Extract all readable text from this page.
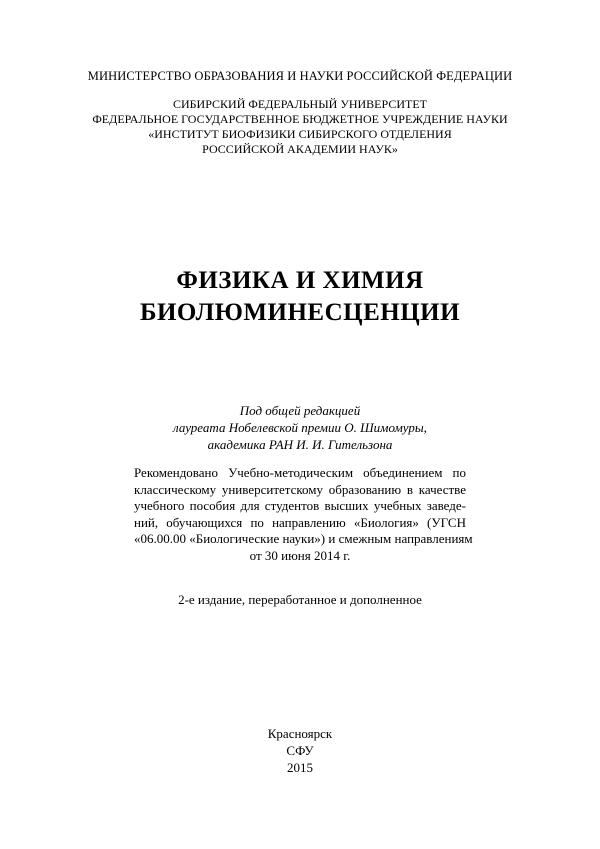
МИНИСТЕРСТВО ОБРАЗОВАНИЯ И НАУКИ РОССИЙСКОЙ ФЕДЕРАЦИИ
СИБИРСКИЙ ФЕДЕРАЛЬНЫЙ УНИВЕРСИТЕТ
ФЕДЕРАЛЬНОЕ ГОСУДАРСТВЕННОЕ БЮДЖЕТНОЕ УЧРЕЖДЕНИЕ НАУКИ
«ИНСТИТУТ БИОФИЗИКИ СИБИРСКОГО ОТДЕЛЕНИЯ
РОССИЙСКОЙ АКАДЕМИИ НАУК»
ФИЗИКА И ХИМИЯ
БИОЛЮМИНЕСЦЕНЦИИ
Под общей редакцией
лауреата Нобелевской премии О. Шимомуры,
академика РАН И. И. Гительзона
Рекомендовано Учебно-методическим объединением по
классическому университетскому образованию в качестве
учебного пособия для студентов высших учебных заведе-
ний, обучающихся по направлению «Биология» (УГСН
«06.00.00 «Биологические науки») и смежным направлениям
от 30 июня 2014 г.
2-е издание, переработанное и дополненное
Красноярск
СФУ
2015
